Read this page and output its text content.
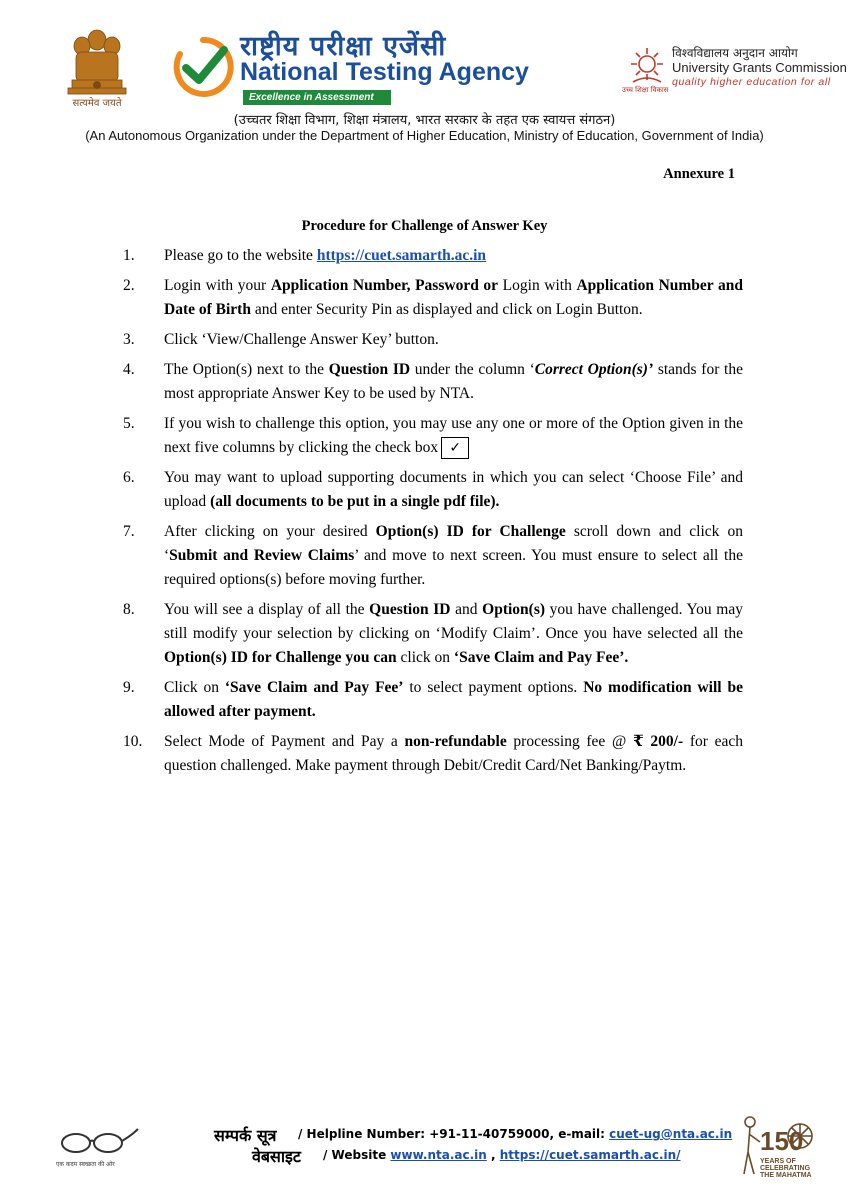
सत्यमेव जयते
राष्ट्रीय परीक्षा एजेंसी
National Testing Agency
Excellence in Assessment
उच्च शिक्षा विकास
विश्वविद्यालय अनुदान आयोग
University Grants Commission
quality higher education for all
(उच्चतर शिक्षा विभाग, शिक्षा मंत्रालय, भारत सरकार के तहत एक स्वायत्त संगठन)
(An Autonomous Organization under the Department of Higher Education, Ministry of Education, Government of India)
Annexure 1
Procedure for Challenge of Answer Key
1.	Please go to the website https://cuet.samarth.ac.in
2.	Login with your Application Number, Password or Login with Application Number and Date of Birth and enter Security Pin as displayed and click on Login Button.
3.	Click ‘View/Challenge Answer Key’ button.
4.	The Option(s) next to the Question ID under the column ‘Correct Option(s)’ stands for the most appropriate Answer Key to be used by NTA.
5.	If you wish to challenge this option, you may use any one or more of the Option given in the next five columns by clicking the check box ✓
6.	You may want to upload supporting documents in which you can select ‘Choose File’ and upload (all documents to be put in a single pdf file).
7.	After clicking on your desired Option(s) ID for Challenge scroll down and click on ‘Submit and Review Claims’ and move to next screen. You must ensure to select all the required options(s) before moving further.
8.	You will see a display of all the Question ID and Option(s) you have challenged. You may still modify your selection by clicking on ‘Modify Claim’. Once you have selected all the Option(s) ID for Challenge you can click on ‘Save Claim and Pay Fee’.
9.	Click on ‘Save Claim and Pay Fee’ to select payment options. No modification will be allowed after payment.
10.	Select Mode of Payment and Pay a non-refundable processing fee @ ₹ 200/- for each question challenged. Make payment through Debit/Credit Card/Net Banking/Paytm.
एक कदम स्वच्छता की ओर
सम्पर्क सूत्र / Helpline Number: +91-11-40759000, e-mail: cuet-ug@nta.ac.in
वेबसाइट / Website www.nta.ac.in , https://cuet.samarth.ac.in/	150
YEARS OF
CELEBRATING
THE MAHATMA
